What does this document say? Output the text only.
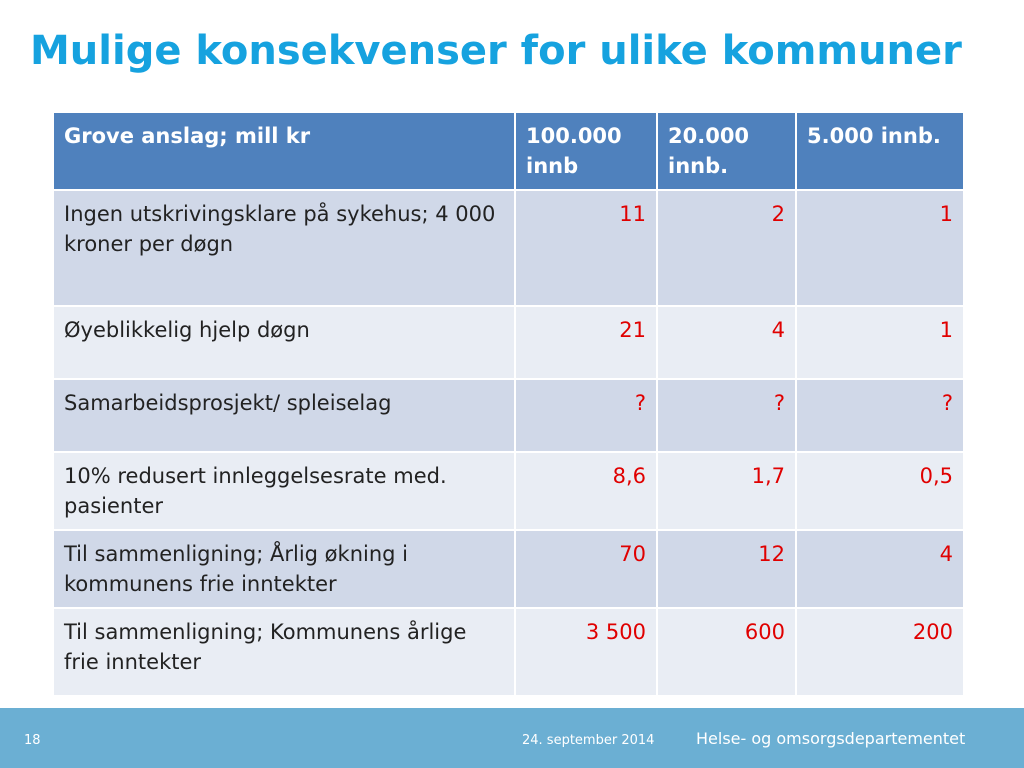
Mulige konsekvenser for ulike kommuner
Grove anslag; mill kr	100.000 innb	20.000 innb.	5.000 innb.
Ingen utskrivingsklare på sykehus; 4 000 kroner per døgn	11	2	1
Øyeblikkelig hjelp døgn	21	4	1
Samarbeidsprosjekt/ spleiselag	?	?	?
10% redusert innleggelsesrate med. pasienter	8,6	1,7	0,5
Til sammenligning; Årlig økning i kommunens frie inntekter	70	12	4
Til sammenligning; Kommunens årlige frie inntekter	3 500	600	200
18	24. september 2014	Helse- og omsorgsdepartementet
